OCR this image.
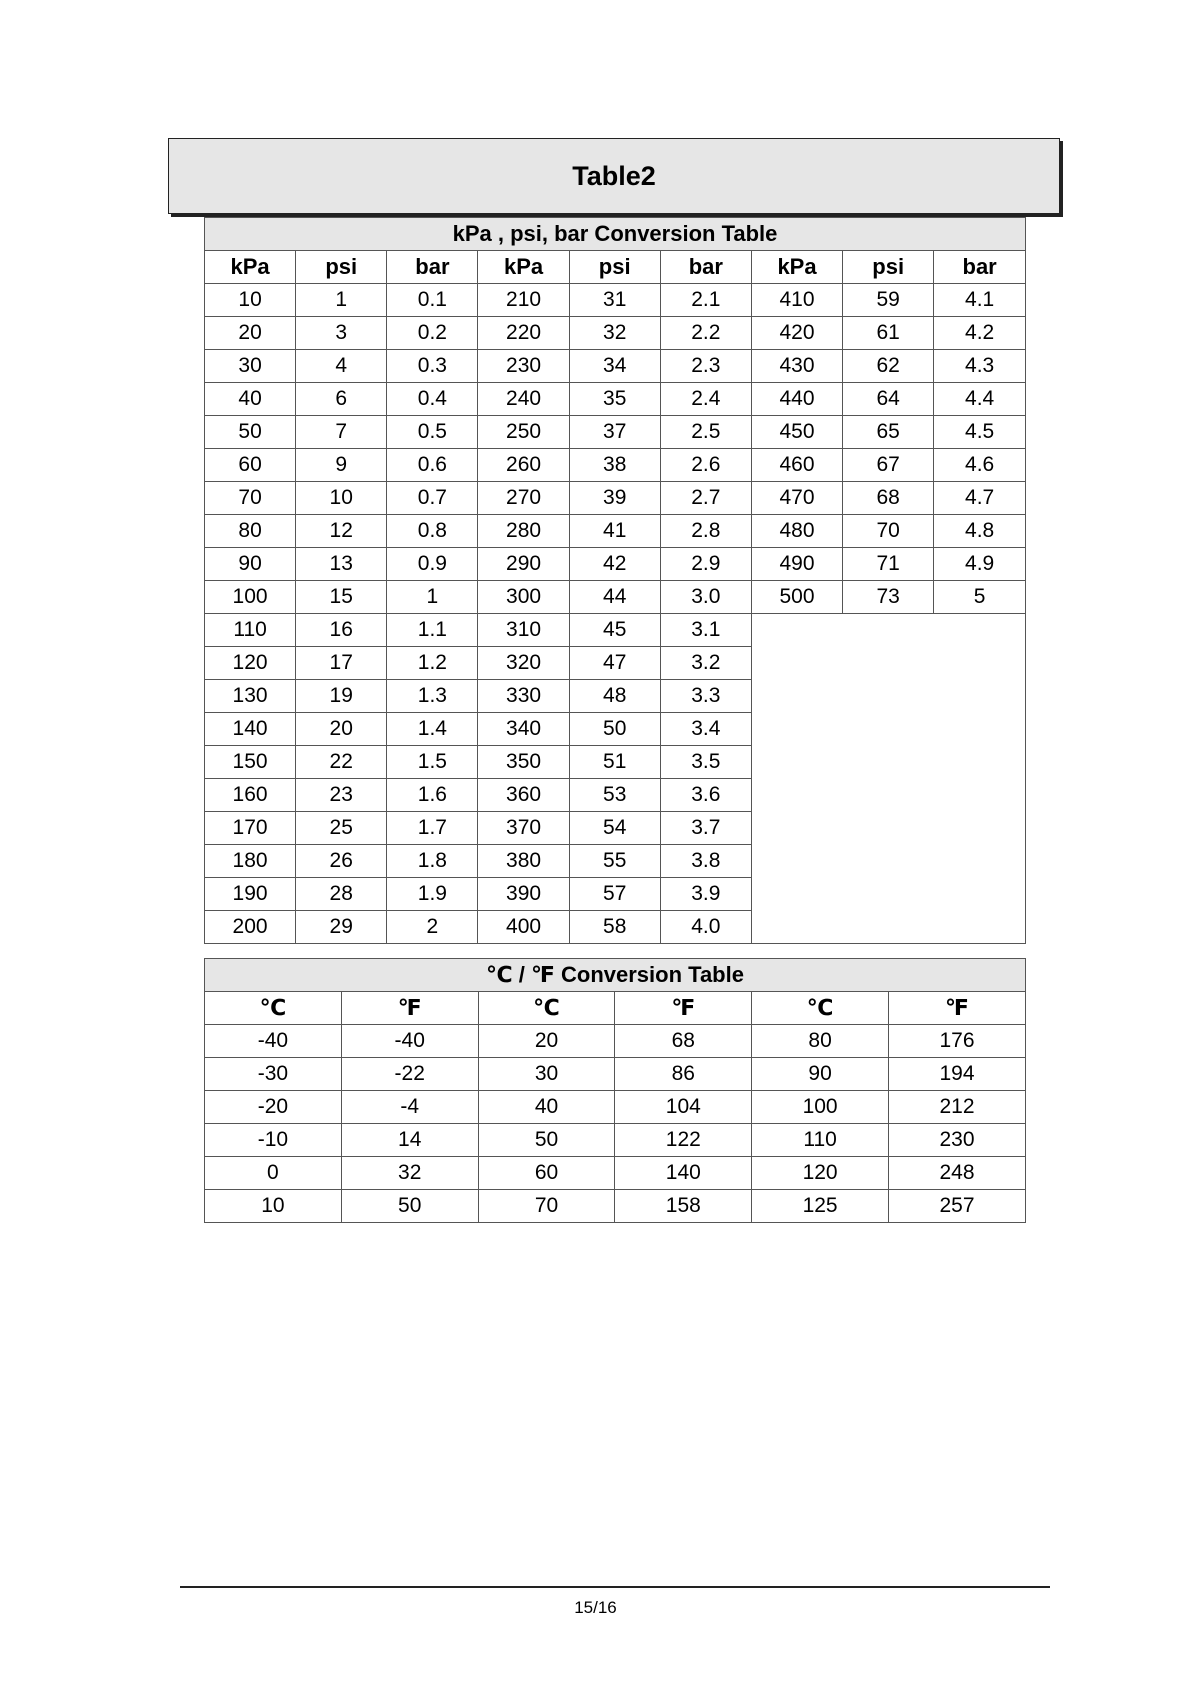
Table2
kPa , psi, bar Conversion Table								
kPa	psi	bar	kPa	psi	bar	kPa	psi	bar
10	1	0.1	210	31	2.1	410	59	4.1
20	3	0.2	220	32	2.2	420	61	4.2
30	4	0.3	230	34	2.3	430	62	4.3
40	6	0.4	240	35	2.4	440	64	4.4
50	7	0.5	250	37	2.5	450	65	4.5
60	9	0.6	260	38	2.6	460	67	4.6
70	10	0.7	270	39	2.7	470	68	4.7
80	12	0.8	280	41	2.8	480	70	4.8
90	13	0.9	290	42	2.9	490	71	4.9
100	15	1	300	44	3.0	500	73	5
110	16	1.1	310	45	3.1			
120	17	1.2	320	47	3.2			
130	19	1.3	330	48	3.3			
140	20	1.4	340	50	3.4			
150	22	1.5	350	51	3.5			
160	23	1.6	360	53	3.6			
170	25	1.7	370	54	3.7			
180	26	1.8	380	55	3.8			
190	28	1.9	390	57	3.9			
200	29	2	400	58	4.0			
℃ / ℉ Conversion Table					
℃	℉	℃	℉	℃	℉
-40	-40	20	68	80	176
-30	-22	30	86	90	194
-20	-4	40	104	100	212
-10	14	50	122	110	230
0	32	60	140	120	248
10	50	70	158	125	257
15/16
